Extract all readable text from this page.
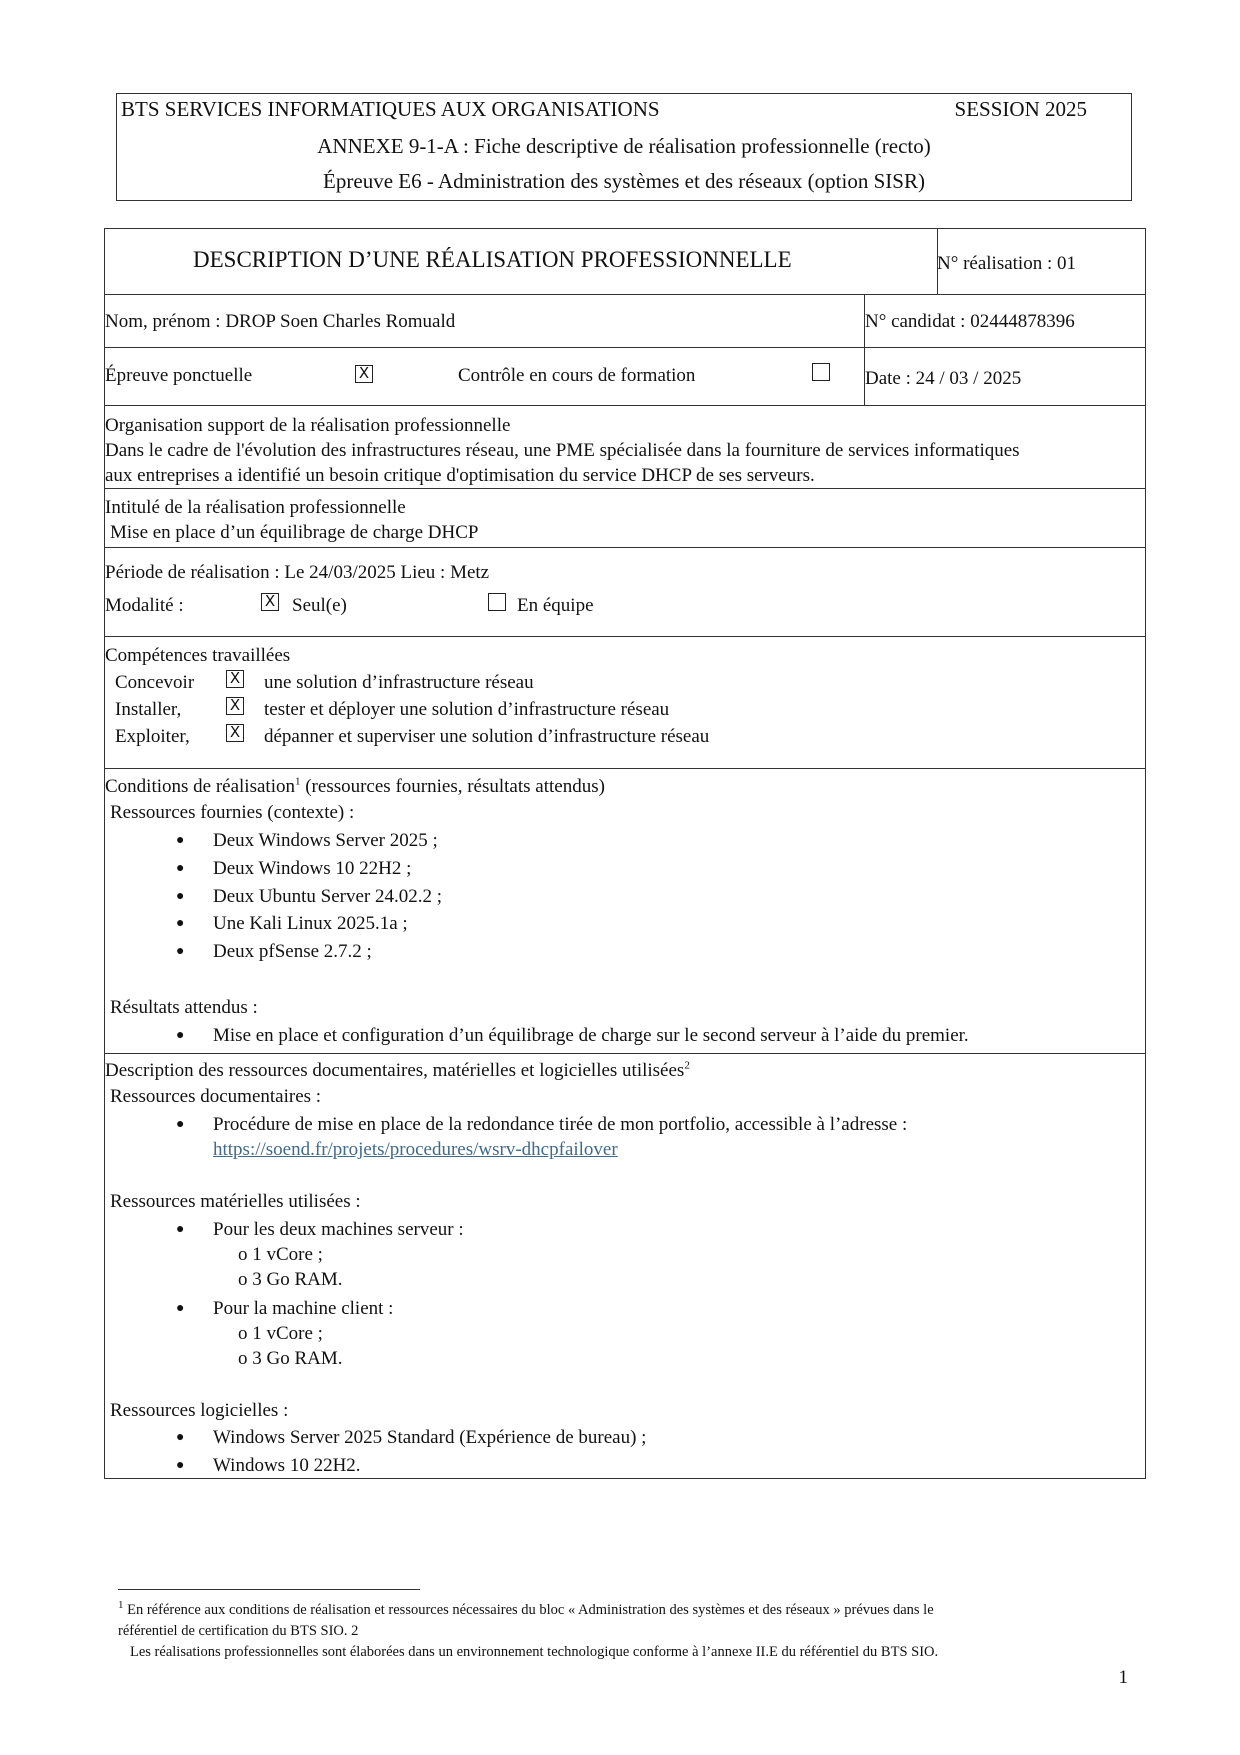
BTS SERVICES INFORMATIQUES AUX ORGANISATIONS	SESSION 2025
ANNEXE 9-1-A : Fiche descriptive de réalisation professionnelle (recto)
Épreuve E6 - Administration des systèmes et des réseaux (option SISR)
DESCRIPTION D’UNE RÉALISATION PROFESSIONNELLE	N° réalisation : 01
Nom, prénom : DROP Soen Charles Romuald	N° candidat : 02444878396
Épreuve ponctuelle	X	Contrôle en cours de formation	Date : 24 / 03 / 2025
Organisation support de la réalisation professionnelle
Dans le cadre de l'évolution des infrastructures réseau, une PME spécialisée dans la fourniture de services informatiques
aux entreprises a identifié un besoin critique d'optimisation du service DHCP de ses serveurs.
Intitulé de la réalisation professionnelle
Mise en place d’un équilibrage de charge DHCP
Période de réalisation : Le 24/03/2025 Lieu : Metz
Modalité :	X Seul(e)	En équipe
Compétences travaillées
Concevoir X une solution d’infrastructure réseau
Installer,	X tester et déployer une solution d’infrastructure réseau
Exploiter,	X dépanner et superviser une solution d’infrastructure réseau
Conditions de réalisation$^1$ (ressources fournies, résultats attendus)
Ressources fournies (contexte) :
● Deux Windows Server 2025 ;
● Deux Windows 10 22H2 ;
● Deux Ubuntu Server 24.02.2 ;
● Une Kali Linux 2025.1a ;
● Deux pfSense 2.7.2 ;
Résultats attendus :
● Mise en place et configuration d’un équilibrage de charge sur le second serveur à l’aide du premier.
Description des ressources documentaires, matérielles et logicielles utilisées$^2$
Ressources documentaires :
● Procédure de mise en place de la redondance tirée de mon portfolio, accessible à l’adresse :
https://soend.fr/projets/procedures/wsrv-dhcpfailover
Ressources matérielles utilisées :
● Pour les deux machines serveur :
o 1 vCore ;
o 3 Go RAM.
● Pour la machine client :
o 1 vCore ;
o 3 Go RAM.
Ressources logicielles :
● Windows Server 2025 Standard (Expérience de bureau) ;
● Windows 10 22H2.
$^1$ En référence aux conditions de réalisation et ressources nécessaires du bloc « Administration des systèmes et des réseaux » prévues dans le
référentiel de certification du BTS SIO. 2
Les réalisations professionnelles sont élaborées dans un environnement technologique conforme à l’annexe II.E du référentiel du BTS SIO.
1
